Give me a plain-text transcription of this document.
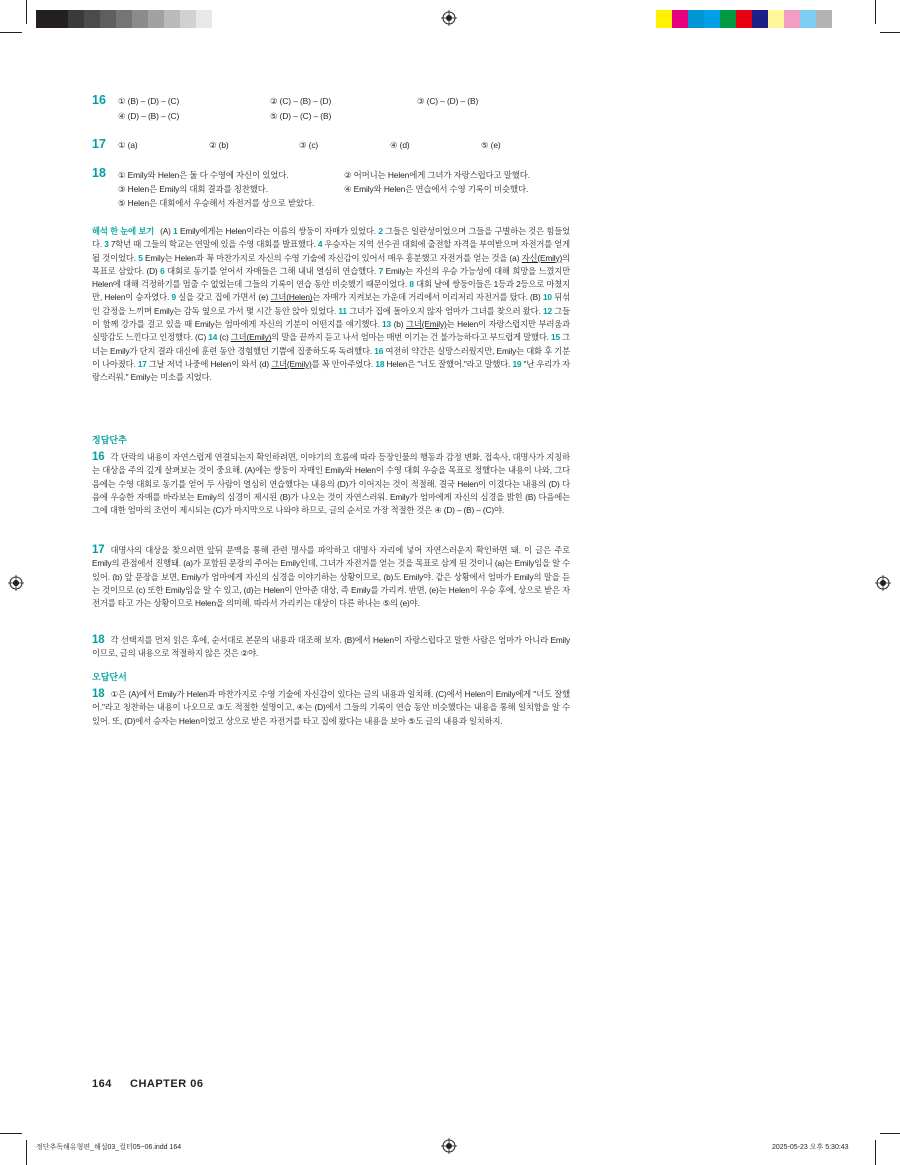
16 ① (B) – (D) – (C)	② (C) – (B) – (D)	③ (C) – (D) – (B)
④ (D) – (B) – (C)	⑤ (D) – (C) – (B)
17 ① (a)	② (b)	③ (c)	④ (d)	⑤ (e)
18 ① Emily와 Helen은 둘 다 수영에 자신이 있었다.	② 어머니는 Helen에게 그녀가 자랑스럽다고 말했다.
③ Helen은 Emily의 대회 결과를 칭찬했다.	④ Emily와 Helen은 연습에서 수영 기록이 비슷했다.
⑤ Helen은 대회에서 우승해서 자전거를 상으로 받았다.
해석 한 눈에 보기 (A) 1 Emily에게는 Helen이라는 이름의 쌍둥이 자매가 있었다. 2 그들은 일란성이었으며 그들을 구별하는 것은 힘들었다. 3 7학년 때 그들의 학교는 연말에 있을 수영 대회를 발표했다. 4 우승자는 지역 선수권 대회에 출전할 자격을 부여받으며 자전거를 얻게 될 것이었다. 5 Emily는 Helen과 꼭 마찬가지로 자신의 수영 기술에 자신감이 있어서 매우 흥분했고 자전거를 얻는 것을 (a) 자신(Emily)의 목표로 삼았다. (D) 6 대회로 동기를 얻어서 자매들은 그해 내내 열심히 연습했다. 7 Emily는 자신의 우승 가능성에 대해 희망을 느꼈지만 Helen에 대해 걱정하기를 멈출 수 없었는데 그들의 기록이 연습 동안 비슷했기 때문이었다. 8 대회 날에 쌍둥이들은 1등과 2등으로 마쳤지만, Helen이 승자였다. 9 실을 갖고 집에 가면서 (e) 그녀(Helen)는 자매가 지켜보는 가운데 거리에서 이리저리 자전거를 탔다. (B) 10 뒤섞인 감정을 느끼며 Emily는 감독 옆으로 가서 몇 시간 동안 앉아 있었다. 11 그녀가 집에 돌아오지 않자 엄마가 그녀를 찾으러 왔다. 12 그들이 함께 강가를 걸고 있을 때 Emily는 엄마에게 자신의 기분이 어떤지를 얘기했다. 13 (b) 그녀(Emily)는 Helen이 자랑스럽지만 부러움과 실망감도 느낀다고 인정했다. (C) 14 (c) 그녀(Emily)의 말을 끝까지 듣고 나서 엄마는 매번 이기는 건 불가능하다고 부드럽게 말했다. 15 그녀는 Emily가 단지 결과 대신에 훈련 동안 경험했던 기쁨에 집중하도록 독려했다. 16 여전히 약간은 실망스러웠지만, Emily는 대화 후 기분이 나아졌다. 17 그날 저녁 나중에 Helen이 와서 (d) 그녀(Emily)를 꼭 안아주었다. 18 Helen은 "너도 잘했어."라고 말했다. 19 "난 우리가 자랑스러워." Emily는 미소를 지었다.
정답단추
16 각 단락의 내용이 자연스럽게 연결되는지 확인하려면, 이야기의 흐름에 따라 등장인물의 행동과 감정 변화, 접속사, 대명사가 지칭하는 대상을 주의 깊게 살펴보는 것이 중요해. (A)에는 쌍둥이 자매인 Emily와 Helen이 수영 대회 우승을 목표로 정했다는 내용이 나와, 그다음에는 수영 대회로 동기를 얻어 두 사람이 열심히 연습했다는 내용의 (D)가 이어지는 것이 적절해. 결국 Helen이 이겼다는 내용의 (D) 다음에 우승한 자매를 바라보는 Emily의 심경이 제시된 (B)가 나오는 것이 자연스러워. Emily가 엄마에게 자신의 심경을 밝힌 (B) 다음에는 그에 대한 엄마의 조언이 제시되는 (C)가 마지막으로 나와야 하므로, 글의 순서로 가장 적절한 것은 ④ (D) – (B) – (C)야.
17 대명사의 대상을 찾으려면 앞뒤 문맥을 통해 관련 명사를 파악하고 대명사 자리에 넣어 자연스러운지 확인하면 돼. 이 글은 주로 Emily의 관점에서 진행돼. (a)가 포함된 문장의 주어는 Emily인데, 그녀가 자전거를 얻는 것을 목표로 삼게 된 것이니 (a)는 Emily임을 알 수 있어. (b) 앞 문장을 보면, Emily가 엄마에게 자신의 심경을 이야기하는 상황이므로, (b)도 Emily야. 같은 상황에서 엄마가 Emily의 말을 듣는 것이므로 (c) 또한 Emily임을 알 수 있고, (d)는 Helen이 안아준 대상, 즉 Emily를 가리켜. 반면, (e)는 Helen이 우승 후에, 상으로 받은 자전거를 타고 가는 상황이므로 Helen을 의미해. 따라서 가리키는 대상이 다른 하나는 ⑤의 (e)야.
18 각 선택지를 먼저 읽은 후에, 순서대로 본문의 내용과 대조해 보자. (B)에서 Helen이 자랑스럽다고 말한 사람은 엄마가 아니라 Emily이므로, 글의 내용으로 적절하지 않은 것은 ②야.
오답단서
18 ①은 (A)에서 Emily가 Helen과 마찬가지로 수영 기술에 자신감이 있다는 글의 내용과 일치해. (C)에서 Helen이 Emily에게 "너도 잘했어."라고 칭찬하는 내용이 나오므로 ③도 적절한 설명이고, ④는 (D)에서 그들의 기록이 연습 동안 비슷했다는 내용을 통해 일치함을 알 수 있어. 또, (D)에서 승자는 Helen이었고 상으로 받은 자전거를 타고 집에 왔다는 내용을 보아 ⑤도 글의 내용과 일치하지.
164 CHAPTER 06
정단추독해유형편_해설03_컬터05~06.indd 164	2025-05-23 오후 5:30:43
